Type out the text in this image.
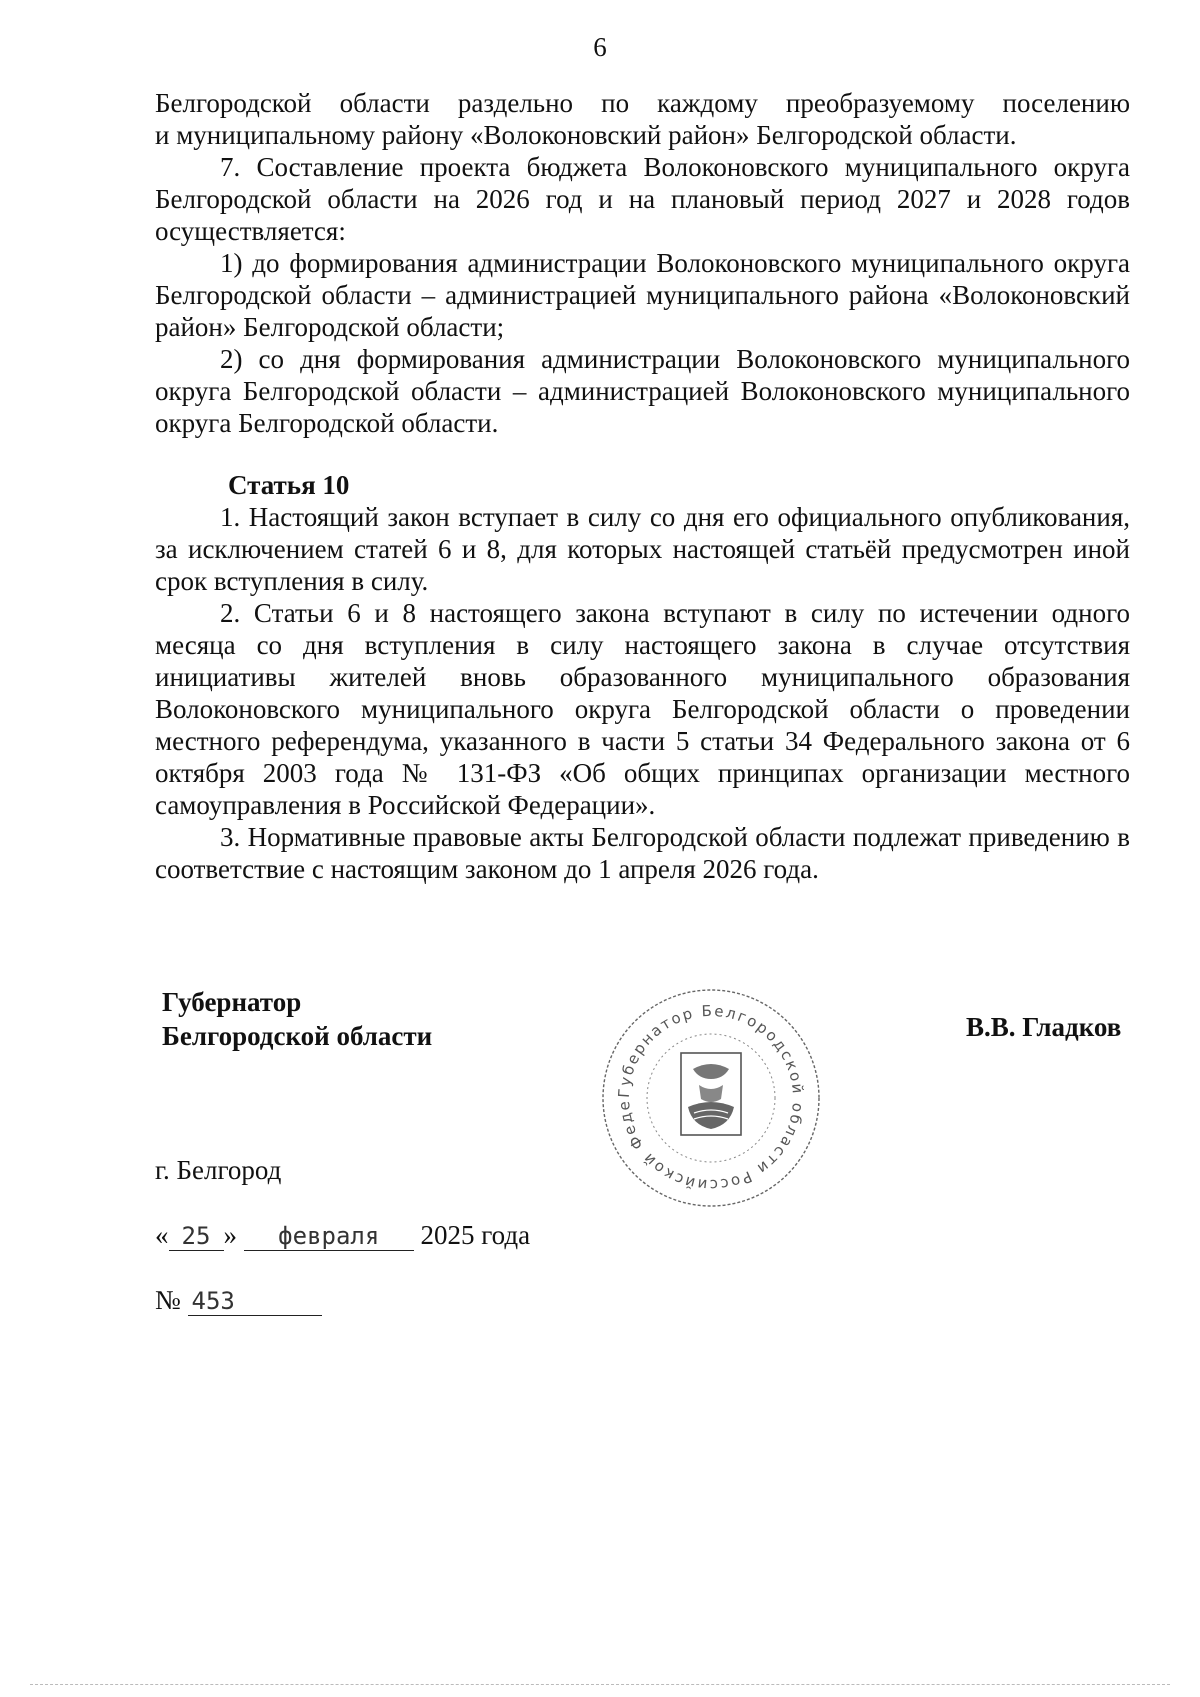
6

Белгородской области раздельно по каждому преобразуемому поселению

и муниципальному району «Волоконовский район» Белгородской области.

7. Составление проекта бюджета Волоконовского муниципального округа Белгородской области на 2026 год и на плановый период 2027 и 2028 годов осуществляется:

1) до формирования администрации Волоконовского муниципального округа Белгородской области – администрацией муниципального района «Волоконовский район» Белгородской области;

2) со дня формирования администрации Волоконовского муниципального округа Белгородской области – администрацией Волоконовского муниципального округа Белгородской области.

Статья 10

1. Настоящий закон вступает в силу со дня его официального опубликования, за исключением статей 6 и 8, для которых настоящей статьёй предусмотрен иной срок вступления в силу.

2. Статьи 6 и 8 настоящего закона вступают в силу по истечении одного месяца со дня вступления в силу настоящего закона в случае отсутствия инициативы жителей вновь образованного муниципального образования Волоконовского муниципального округа Белгородской области о проведении местного референдума, указанного в части 5 статьи 34 Федерального закона от 6 октября 2003 года № 131-ФЗ «Об общих принципах организации местного самоуправления в Российской Федерации».

3. Нормативные правовые акты Белгородской области подлежат приведению в соответствие с настоящим законом до 1 апреля 2026 года.

Губернатор
Белгородской области
Губернатор Белгородской области Российской Феде
В.В. Гладков
г. Белгород
« 25 » февраля 2025 года
№ 453
